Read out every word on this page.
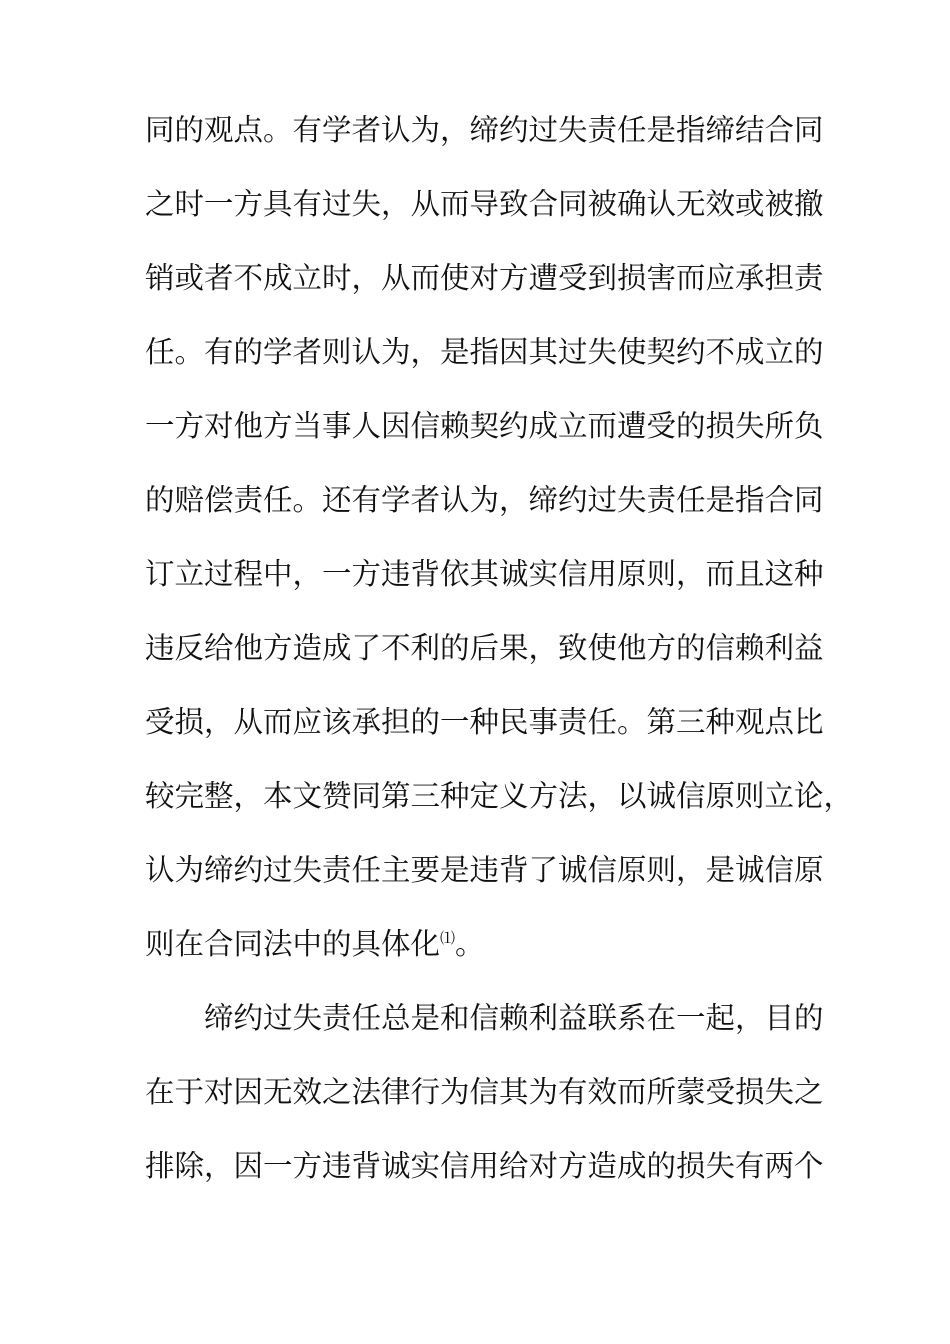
同的观点。有学者认为，缔约过失责任是指缔结合同
之时一方具有过失，从而导致合同被确认无效或被撤
销或者不成立时，从而使对方遭受到损害而应承担责
任。有的学者则认为，是指因其过失使契约不成立的
一方对他方当事人因信赖契约成立而遭受的损失所负
的赔偿责任。还有学者认为，缔约过失责任是指合同
订立过程中，一方违背依其诚实信用原则，而且这种
违反给他方造成了不利的后果，致使他方的信赖利益
受损，从而应该承担的一种民事责任。第三种观点比
较完整，本文赞同第三种定义方法，以诚信原则立论，
认为缔约过失责任主要是违背了诚信原则，是诚信原
则在合同法中的具体化⑴。
缔约过失责任总是和信赖利益联系在一起，目的
在于对因无效之法律行为信其为有效而所蒙受损失之
排除，因一方违背诚实信用给对方造成的损失有两个
